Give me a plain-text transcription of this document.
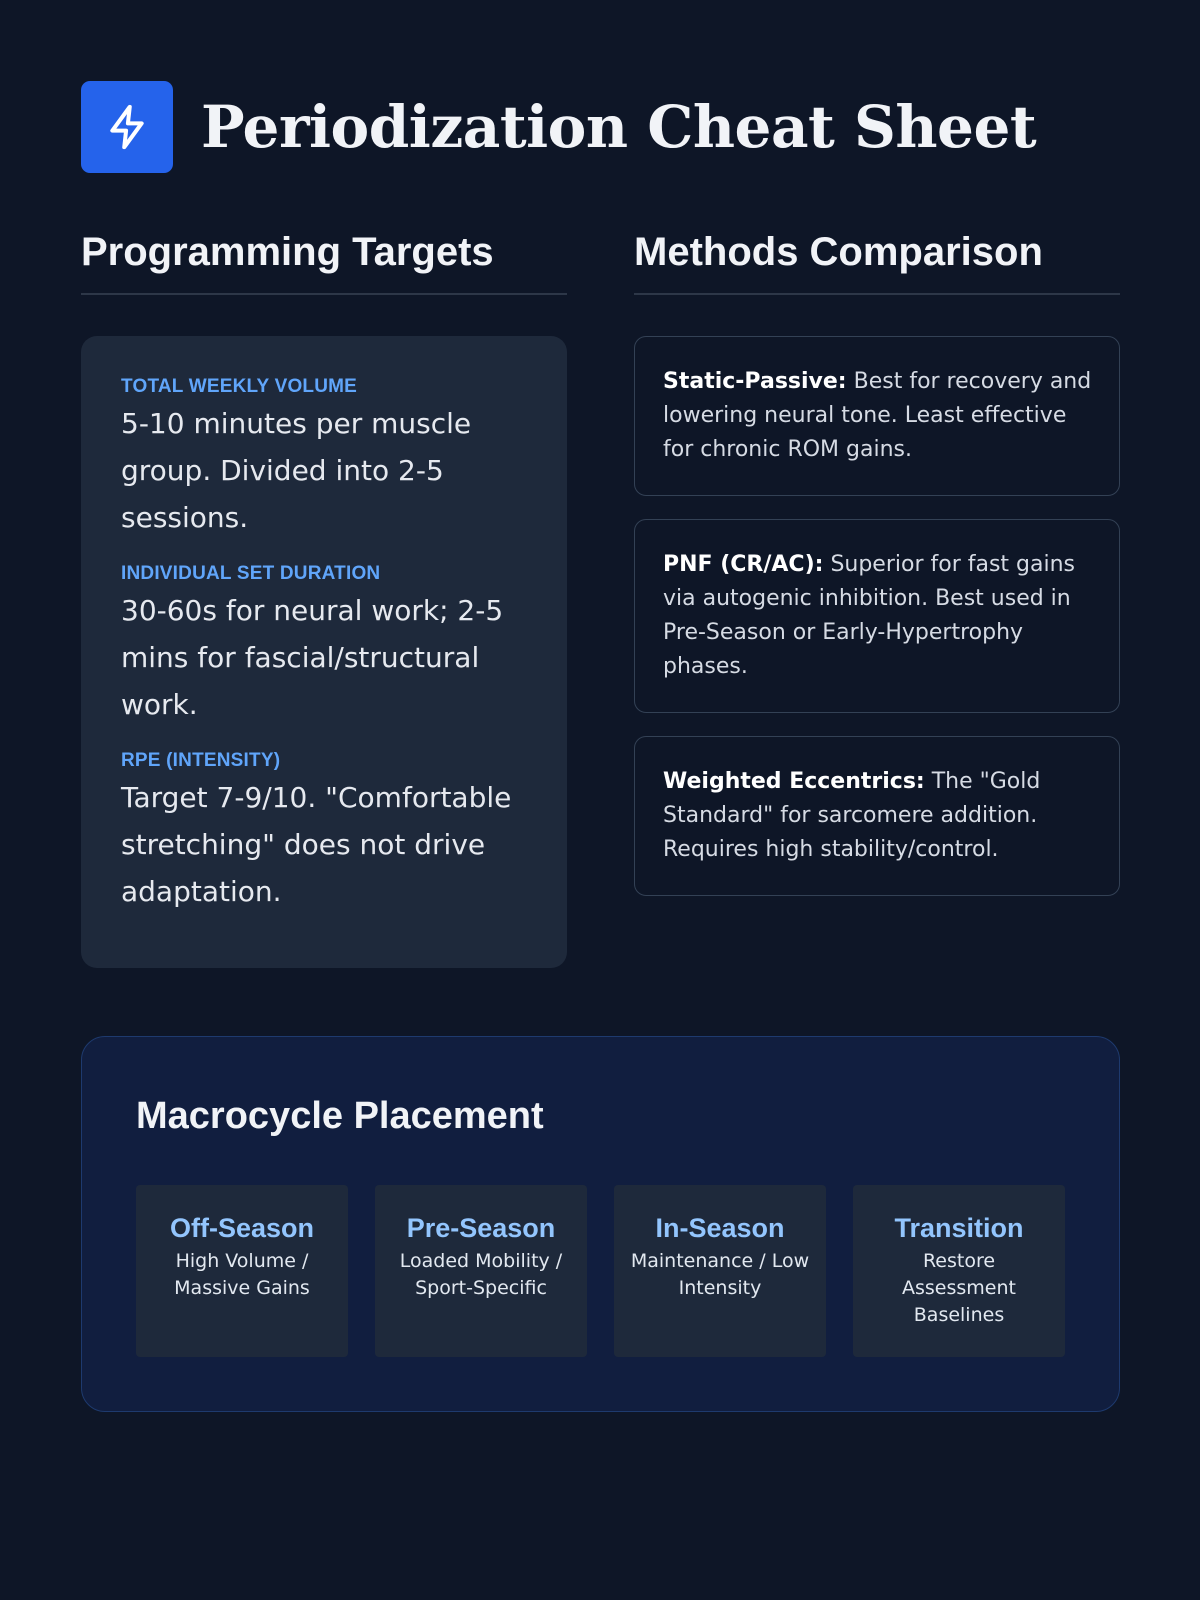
Periodization Cheat Sheet
Programming Targets	Methods Comparison
TOTAL WEEKLY VOLUME
5-10 minutes per muscle group. Divided into 2-5 sessions.
INDIVIDUAL SET DURATION
30-60s for neural work; 2-5 mins for fascial/structural work.
RPE (INTENSITY)
Target 7-9/10. "Comfortable stretching" does not drive adaptation.
Static-Passive: Best for recovery and lowering neural tone. Least effective for chronic ROM gains.
PNF (CR/AC): Superior for fast gains via autogenic inhibition. Best used in Pre-Season or Early-Hypertrophy phases.
Weighted Eccentrics: The "Gold Standard" for sarcomere addition. Requires high stability/control.
Macrocycle Placement
Off-Season
High Volume / Massive Gains
Pre-Season
Loaded Mobility / Sport-Specific
In-Season
Maintenance / Low Intensity
Transition
Restore Assessment Baselines
